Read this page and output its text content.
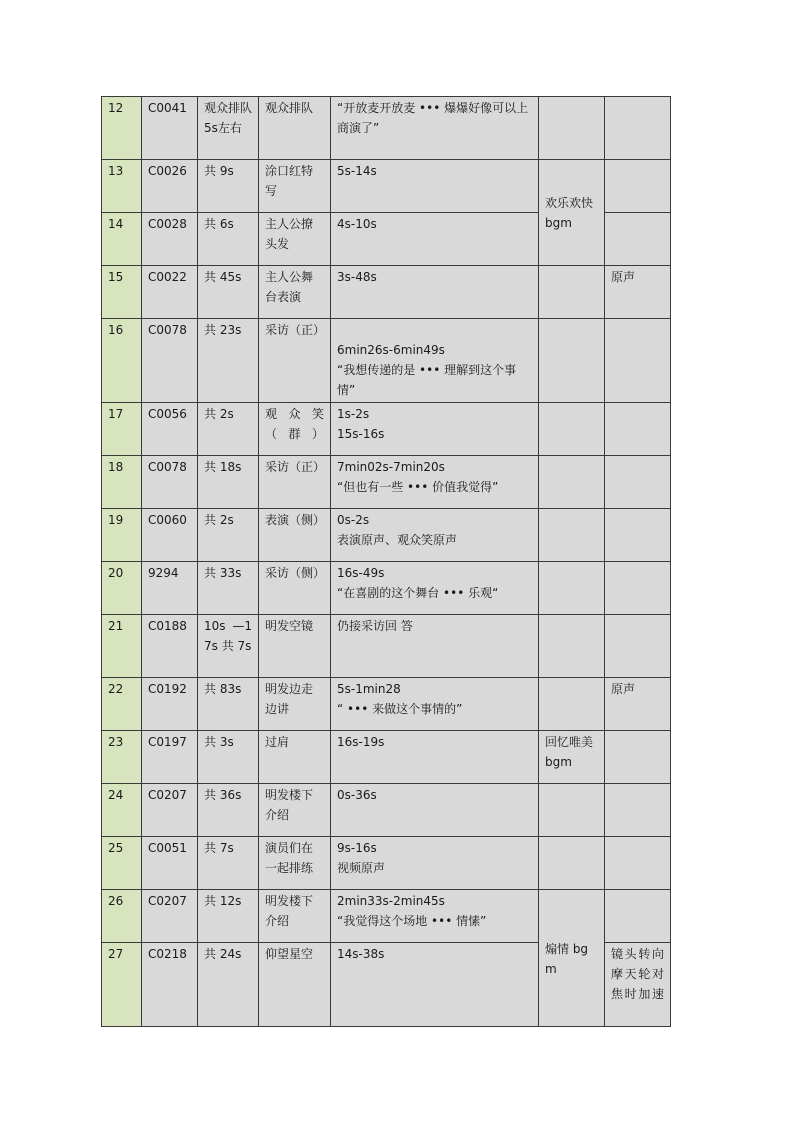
12	C0041	观众排队5s左右	观众排队	“开放麦开放麦 ••• 爆爆好像可以上商演了”		

13	C0026	共 9s	涂口红特写	5s-14s	欢乐欢快 bgm	
14	C0028	共 6s	主人公撩头发	4s-10s		

15	C0022	共 45s	主人公舞台表演	3s-48s		原声
16	C0078	共 23s	采访（正）	6min26s-6min49s
“我想传递的是 ••• 理解到这个事情”		

17	C0056	共 2s	观众笑（群）	1s-2s
15s-16s		

18	C0078	共 18s	采访（正）	7min02s-7min20s
“但也有一些 ••• 价值我觉得”		

19	C0060	共 2s	表演（侧）	0s-2s
表演原声、观众笑原声		

20	9294	共 33s	采访（侧）	16s-49s
“在喜剧的这个舞台 ••• 乐观“		

21	C0188	10s —17s 共 7s	明发空镜	仍接采访回 答		

22	C0192	共 83s	明发边走边讲	5s-1min28
“ ••• 来做这个事情的”		原声
23	C0197	共 3s	过肩	16s-19s	回忆唯美 bgm	
24	C0207	共 36s	明发楼下介绍	0s-36s		

25	C0051	共 7s	演员们在一起排练	9s-16s
视频原声		

26	C0207	共 12s	明发楼下介绍	2min33s-2min45s
“我觉得这个场地 ••• 情愫”	煽情 bgm	
27	C0218	共 24s	仰望星空	14s-38s		镜头转向摩天轮对焦时加速
